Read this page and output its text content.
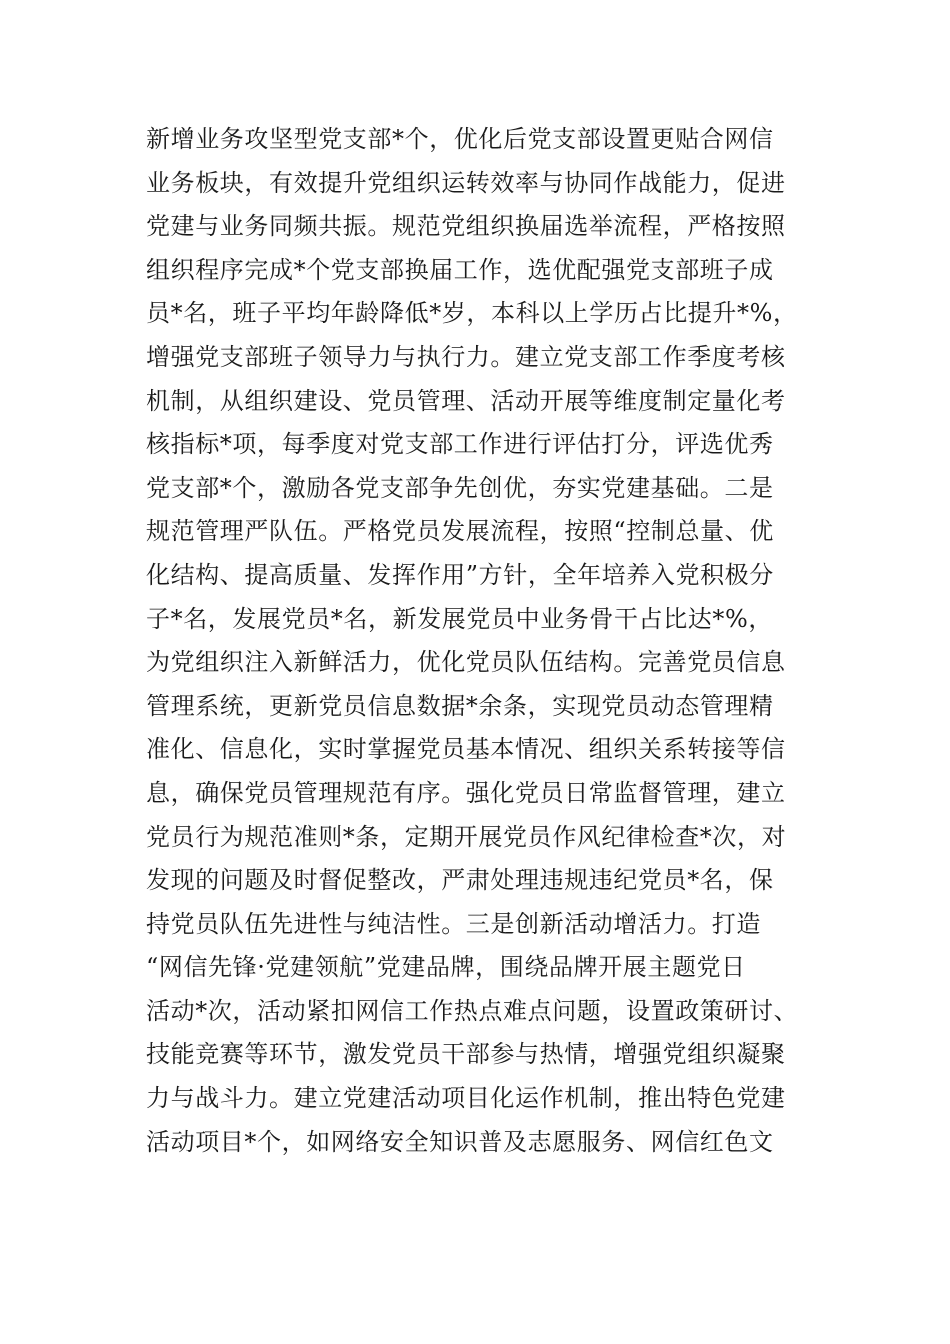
新增业务攻坚型党支部*个，优化后党支部设置更贴合网信
业务板块，有效提升党组织运转效率与协同作战能力，促进
党建与业务同频共振。规范党组织换届选举流程，严格按照
组织程序完成*个党支部换届工作，选优配强党支部班子成
员*名，班子平均年龄降低*岁，本科以上学历占比提升*%，
增强党支部班子领导力与执行力。建立党支部工作季度考核
机制，从组织建设、党员管理、活动开展等维度制定量化考
核指标*项，每季度对党支部工作进行评估打分，评选优秀
党支部*个，激励各党支部争先创优，夯实党建基础。二是
规范管理严队伍。严格党员发展流程，按照“控制总量、优
化结构、提高质量、发挥作用”方针，全年培养入党积极分
子*名，发展党员*名，新发展党员中业务骨干占比达*%，
为党组织注入新鲜活力，优化党员队伍结构。完善党员信息
管理系统，更新党员信息数据*余条，实现党员动态管理精
准化、信息化，实时掌握党员基本情况、组织关系转接等信
息，确保党员管理规范有序。强化党员日常监督管理，建立
党员行为规范准则*条，定期开展党员作风纪律检查*次，对
发现的问题及时督促整改，严肃处理违规违纪党员*名，保
持党员队伍先进性与纯洁性。三是创新活动增活力。打造
“网信先锋·党建领航”党建品牌，围绕品牌开展主题党日
活动*次，活动紧扣网信工作热点难点问题，设置政策研讨、
技能竞赛等环节，激发党员干部参与热情，增强党组织凝聚
力与战斗力。建立党建活动项目化运作机制，推出特色党建
活动项目*个，如网络安全知识普及志愿服务、网信红色文
